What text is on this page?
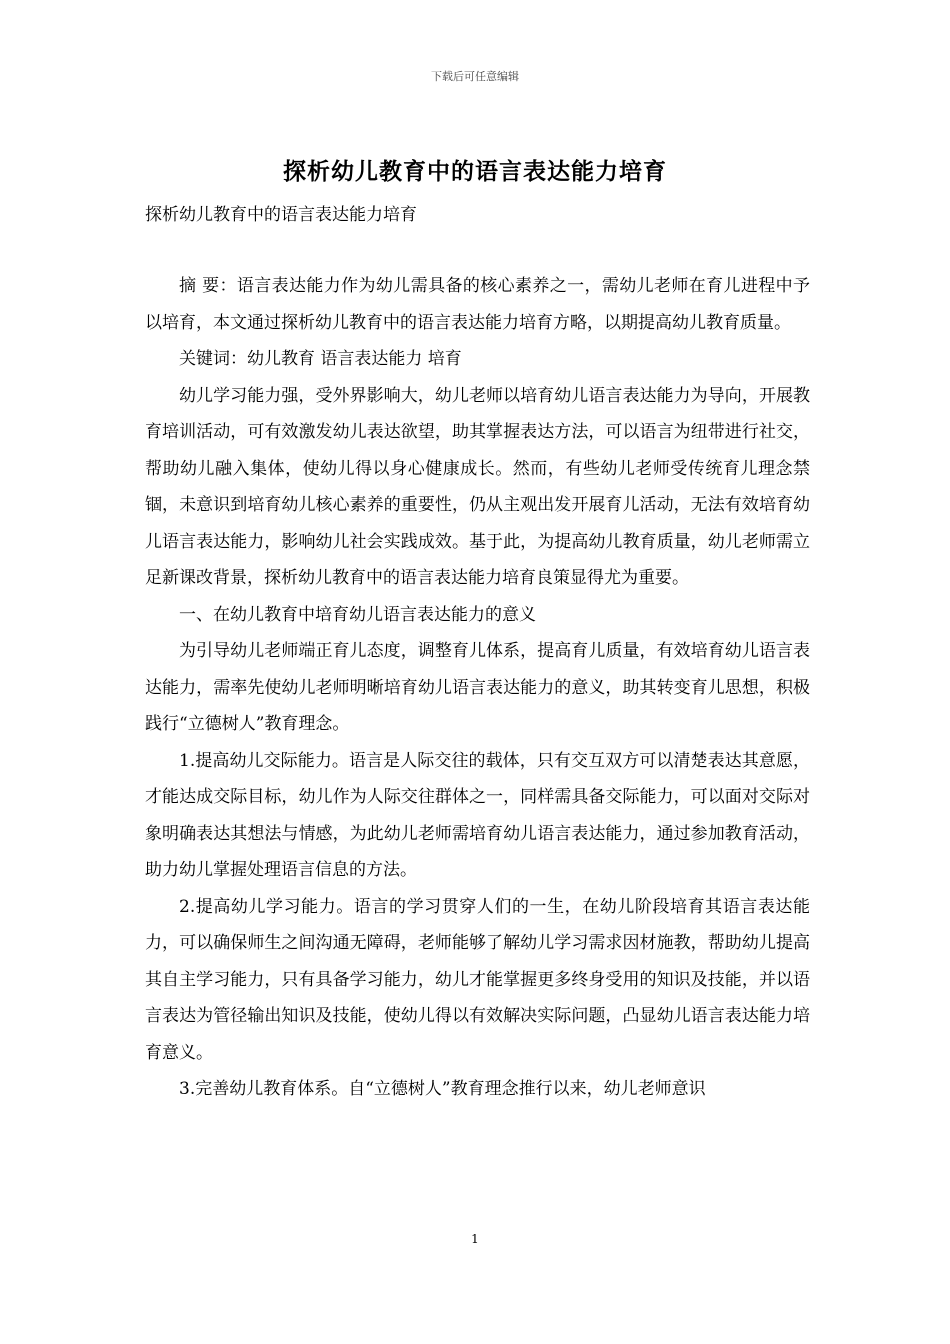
下载后可任意编辑
探析幼儿教育中的语言表达能力培育
探析幼儿教育中的语言表达能力培育

摘 要：语言表达能力作为幼儿需具备的核心素养之一，需幼儿老师在育儿进程中予以培育，本文通过探析幼儿教育中的语言表达能力培育方略，以期提高幼儿教育质量。

关键词：幼儿教育 语言表达能力 培育

幼儿学习能力强，受外界影响大，幼儿老师以培育幼儿语言表达能力为导向，开展教育培训活动，可有效激发幼儿表达欲望，助其掌握表达方法，可以语言为纽带进行社交，帮助幼儿融入集体，使幼儿得以身心健康成长。然而，有些幼儿老师受传统育儿理念禁锢，未意识到培育幼儿核心素养的重要性，仍从主观出发开展育儿活动，无法有效培育幼儿语言表达能力，影响幼儿社会实践成效。基于此，为提高幼儿教育质量，幼儿老师需立足新课改背景，探析幼儿教育中的语言表达能力培育良策显得尤为重要。

一、在幼儿教育中培育幼儿语言表达能力的意义

为引导幼儿老师端正育儿态度，调整育儿体系，提高育儿质量，有效培育幼儿语言表达能力，需率先使幼儿老师明晰培育幼儿语言表达能力的意义，助其转变育儿思想，积极践行“立德树人”教育理念。

1.提高幼儿交际能力。语言是人际交往的载体，只有交互双方可以清楚表达其意愿，才能达成交际目标，幼儿作为人际交往群体之一，同样需具备交际能力，可以面对交际对象明确表达其想法与情感，为此幼儿老师需培育幼儿语言表达能力，通过参加教育活动，助力幼儿掌握处理语言信息的方法。

2.提高幼儿学习能力。语言的学习贯穿人们的一生，在幼儿阶段培育其语言表达能力，可以确保师生之间沟通无障碍，老师能够了解幼儿学习需求因材施教，帮助幼儿提高其自主学习能力，只有具备学习能力，幼儿才能掌握更多终身受用的知识及技能，并以语言表达为管径输出知识及技能，使幼儿得以有效解决实际问题，凸显幼儿语言表达能力培育意义。

3.完善幼儿教育体系。自“立德树人”教育理念推行以来，幼儿老师意识

1
